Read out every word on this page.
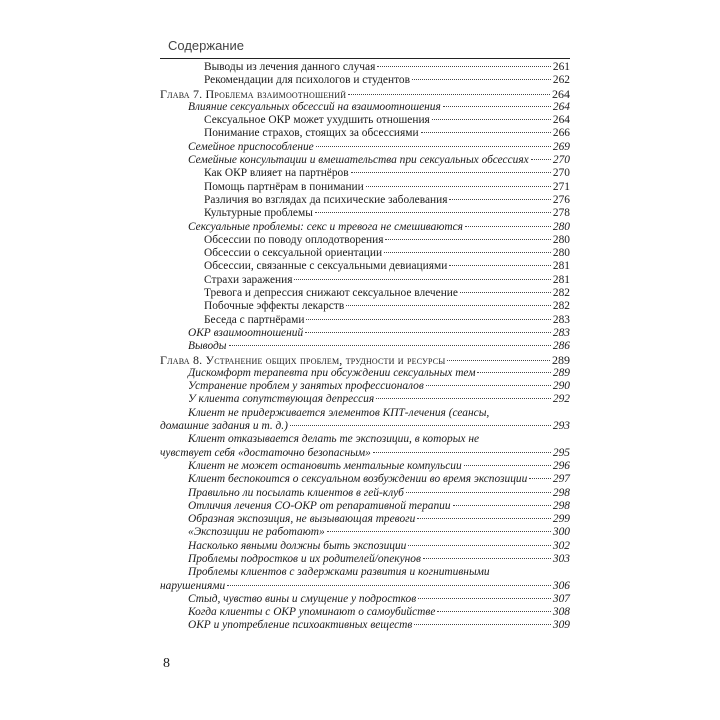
Содержание
Выводы из лечения данного случая	261
Рекомендации для психологов и студентов	262
Глава 7. Проблема взаимоотношений	264
Влияние сексуальных обсессий на взаимоотношения	264
Сексуальное ОКР может ухудшить отношения	264
Понимание страхов, стоящих за обсессиями	266
Семейное приспособление	269
Семейные консультации и вмешательства при сексуальных обсессиях 270
Как ОКР влияет на партнёров	270
Помощь партнёрам в понимании	271
Различия во взглядах да психические заболевания	276
Культурные проблемы	278
Сексуальные проблемы: секс и тревога не смешиваются	280
Обсессии по поводу оплодотворения	280
Обсессии о сексуальной ориентации	280
Обсессии, связанные с сексуальными девиациями	281
Страхи заражения	281
Тревога и депрессия снижают сексуальное влечение	282
Побочные эффекты лекарств	282
Беседа с партнёрами	283
ОКР взаимоотношений	283
Выводы	286
Глава 8. Устранение общих проблем, трудности и ресурсы	289
Дискомфорт терапевта при обсуждении сексуальных тем	289
Устранение проблем у занятых профессионалов	290
У клиента сопутствующая депрессия	292
Клиент не придерживается элементов КПТ-лечения (сеансы,
домашние задания и т. д.)	293
Клиент отказывается делать те экспозиции, в которых не
чувствует себя «достаточно безопасным»	295
Клиент не может остановить ментальные компульсии	296
Клиент беспокоится о сексуальном возбуждении во время экспозиции 297
Правильно ли посылать клиентов в гей-клуб	298
Отличия лечения СО-ОКР от репаративной терапии	298
Образная экспозиция, не вызывающая тревоги	299
«Экспозиции не работают»	300
Насколько явными должны быть экспозиции	302
Проблемы подростков и их родителей/опекунов	303
Проблемы клиентов с задержками развития и когнитивными
нарушениями	306
Стыд, чувство вины и смущение у подростков	307
Когда клиенты с ОКР упоминают о самоубийстве	308
ОКР и употребление психоактивных веществ	309
8
